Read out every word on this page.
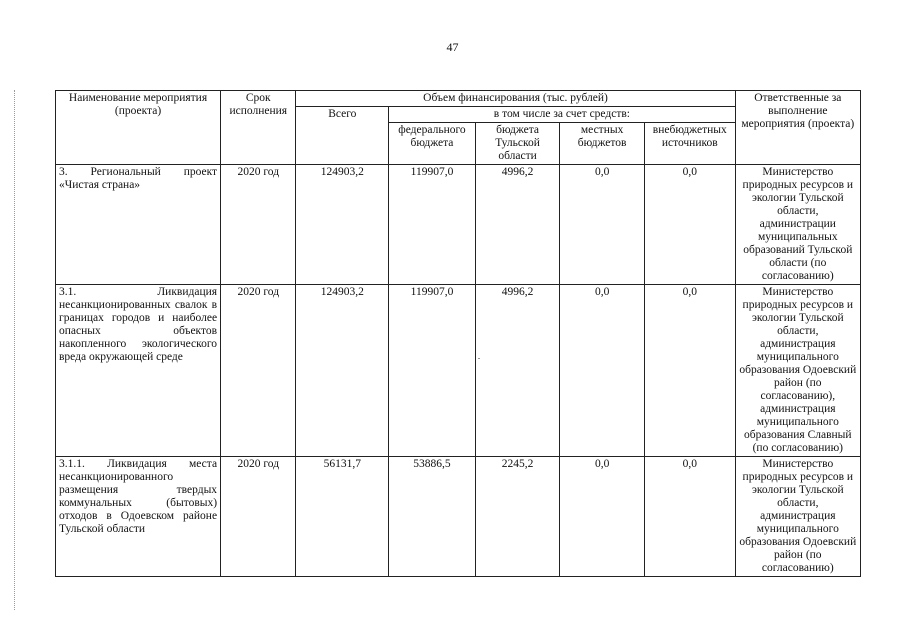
47
Наименование мероприятия (проекта)	Срок исполнения	Объем финансирования (тыс. рублей)					Ответственные за выполнение мероприятия (проекта)
		Всего	в том числе за счет средств:				
			федерального бюджета	бюджета Тульской области	местных бюджетов	внебюджетных источников	
3. Региональный проект «Чистая страна»	2020 год	124903,2	119907,0	4996,2	0,0	0,0	Министерство природных ресурсов и экологии Тульской области, администрации муниципальных образований Тульской области (по согласованию)
3.1. Ликвидация несанкционированных свалок в границах городов и наиболее опасных объектов накопленного экологического вреда окружающей среде	2020 год	124903,2	119907,0	4996,2	0,0	0,0	Министерство природных ресурсов и экологии Тульской области, администрация муниципального образования Одоевский район (по согласованию), администрация муниципального образования Славный (по согласованию)
3.1.1. Ликвидация места несанкционированного размещения твердых коммунальных (бытовых) отходов в Одоевском районе Тульской области	2020 год	56131,7	53886,5	2245,2	0,0	0,0	Министерство природных ресурсов и экологии Тульской области, администрация муниципального образования Одоевский район (по согласованию)
